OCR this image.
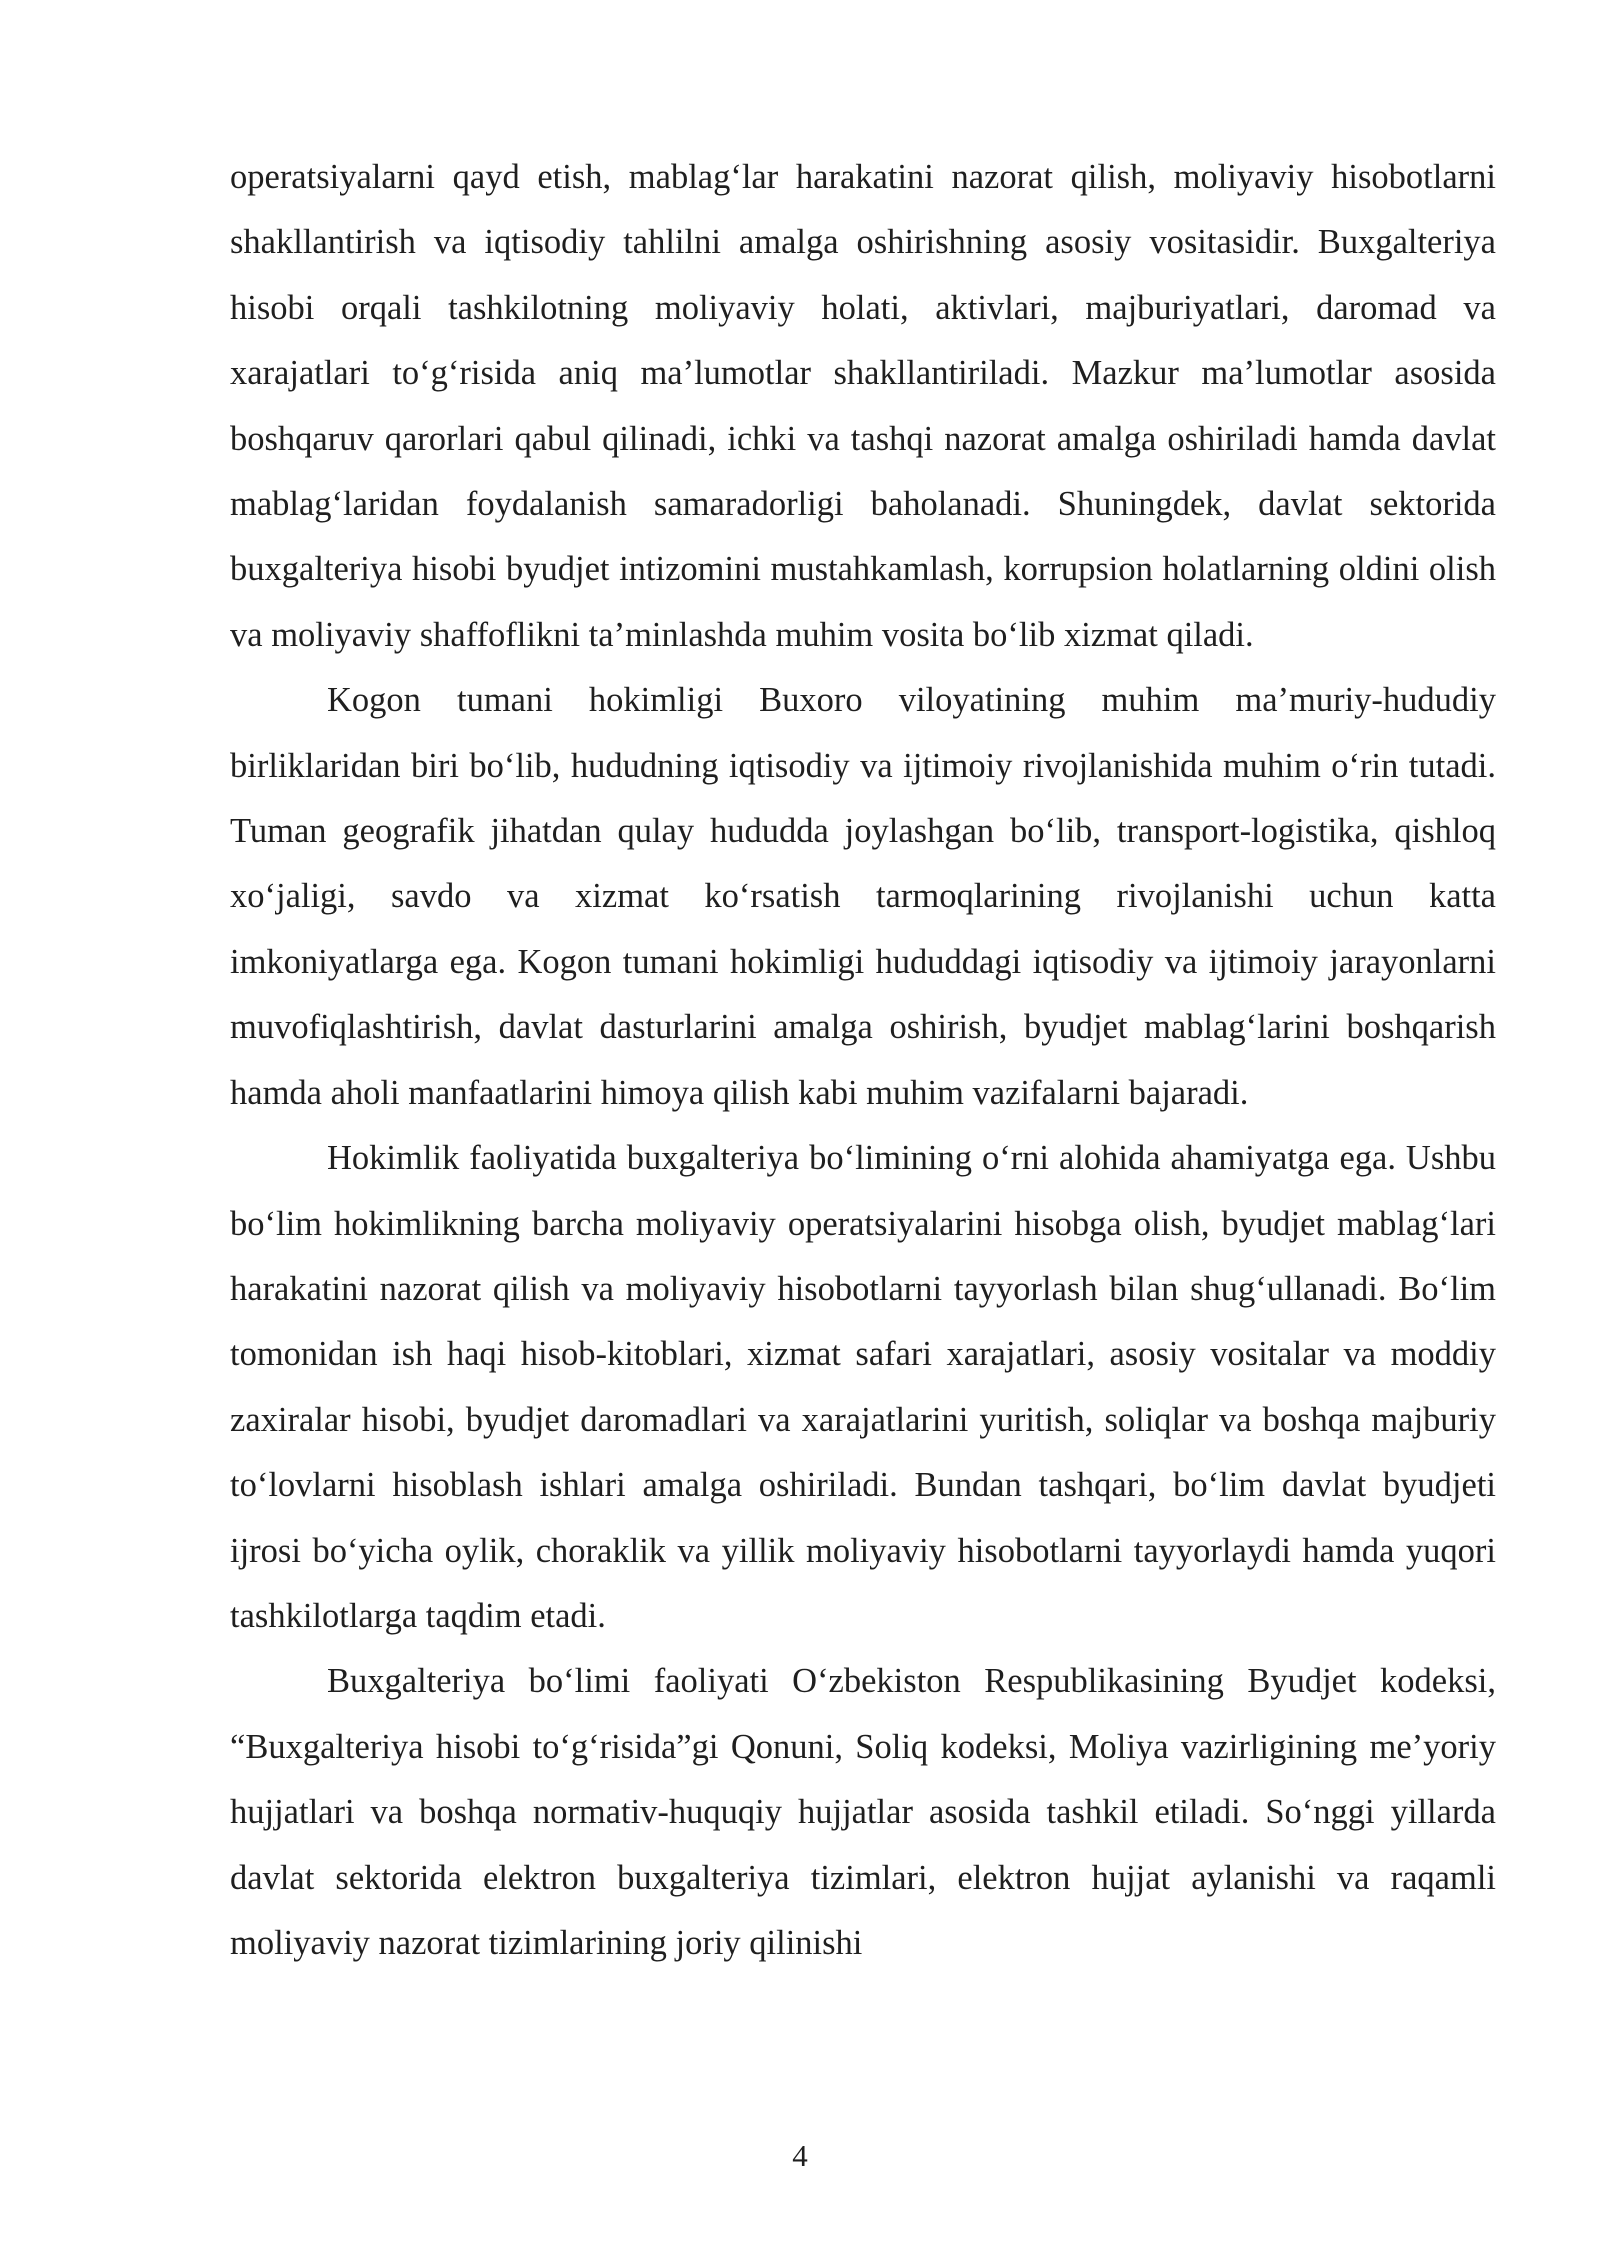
operatsiyalarni qayd etish, mablag‘lar harakatini nazorat qilish, moliyaviy hisobotlarni shakllantirish va iqtisodiy tahlilni amalga oshirishning asosiy vositasidir. Buxgalteriya hisobi orqali tashkilotning moliyaviy holati, aktivlari, majburiyatlari, daromad va xarajatlari to‘g‘risida aniq ma’lumotlar shakllantiriladi. Mazkur ma’lumotlar asosida boshqaruv qarorlari qabul qilinadi, ichki va tashqi nazorat amalga oshiriladi hamda davlat mablag‘laridan foydalanish samaradorligi baholanadi. Shuningdek, davlat sektorida buxgalteriya hisobi byudjet intizomini mustahkamlash, korrupsion holatlarning oldini olish va moliyaviy shaffoflikni ta’minlashda muhim vosita bo‘lib xizmat qiladi.

Kogon tumani hokimligi Buxoro viloyatining muhim ma’muriy-hududiy birliklaridan biri bo‘lib, hududning iqtisodiy va ijtimoiy rivojlanishida muhim o‘rin tutadi. Tuman geografik jihatdan qulay hududda joylashgan bo‘lib, transport-logistika, qishloq xo‘jaligi, savdo va xizmat ko‘rsatish tarmoqlarining rivojlanishi uchun katta imkoniyatlarga ega. Kogon tumani hokimligi hududdagi iqtisodiy va ijtimoiy jarayonlarni muvofiqlashtirish, davlat dasturlarini amalga oshirish, byudjet mablag‘larini boshqarish hamda aholi manfaatlarini himoya qilish kabi muhim vazifalarni bajaradi.

Hokimlik faoliyatida buxgalteriya bo‘limining o‘rni alohida ahamiyatga ega. Ushbu bo‘lim hokimlikning barcha moliyaviy operatsiyalarini hisobga olish, byudjet mablag‘lari harakatini nazorat qilish va moliyaviy hisobotlarni tayyorlash bilan shug‘ullanadi. Bo‘lim tomonidan ish haqi hisob-kitoblari, xizmat safari xarajatlari, asosiy vositalar va moddiy zaxiralar hisobi, byudjet daromadlari va xarajatlarini yuritish, soliqlar va boshqa majburiy to‘lovlarni hisoblash ishlari amalga oshiriladi. Bundan tashqari, bo‘lim davlat byudjeti ijrosi bo‘yicha oylik, choraklik va yillik moliyaviy hisobotlarni tayyorlaydi hamda yuqori tashkilotlarga taqdim etadi.

Buxgalteriya bo‘limi faoliyati O‘zbekiston Respublikasining Byudjet kodeksi, “Buxgalteriya hisobi to‘g‘risida”gi Qonuni, Soliq kodeksi, Moliya vazirligining me’yoriy hujjatlari va boshqa normativ-huquqiy hujjatlar asosida tashkil etiladi. So‘nggi yillarda davlat sektorida elektron buxgalteriya tizimlari, elektron hujjat aylanishi va raqamli moliyaviy nazorat tizimlarining joriy qilinishi

4
